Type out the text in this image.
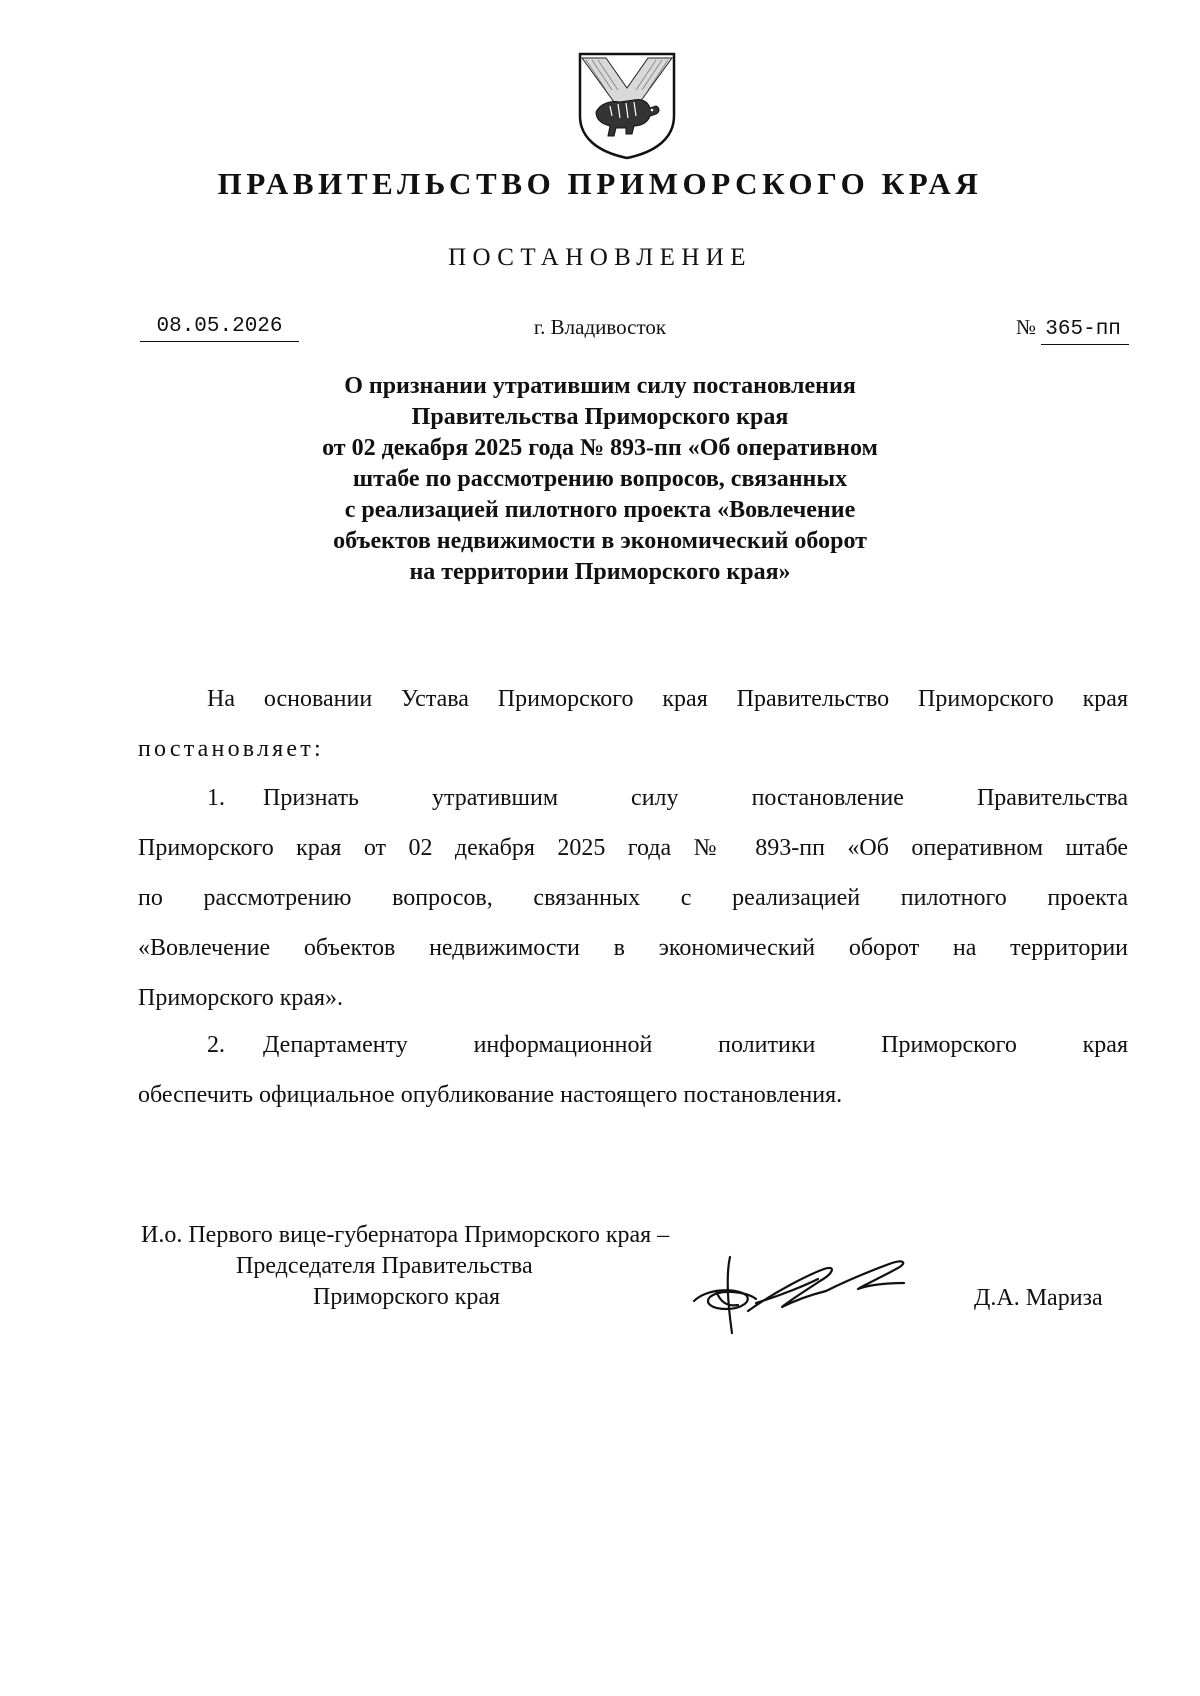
ПРАВИТЕЛЬСТВО ПРИМОРСКОГО КРАЯ
ПОСТАНОВЛЕНИЕ
08.05.2026	г. Владивосток	№ 365-пп
О признании утратившим силу постановления
Правительства Приморского края
от 02 декабря 2025 года № 893-пп «Об оперативном
штабе по рассмотрению вопросов, связанных
с реализацией пилотного проекта «Вовлечение
объектов недвижимости в экономический оборот
на территории Приморского края»

На основании Устава Приморского края Правительство Приморского края постановляет:

1. Признать утратившим силу постановление Правительства
Приморского края от 02 декабря 2025 года № 893-пп «Об оперативном штабе
по рассмотрению вопросов, связанных с реализацией пилотного проекта
«Вовлечение объектов недвижимости в экономический оборот на территории
Приморского края».
2. Департаменту информационной политики Приморского края
обеспечить официальное опубликование настоящего постановления.
И.о. Первого вице-губернатора Приморского края –
Председателя Правительства
Приморского края	Д.А. Мариза
